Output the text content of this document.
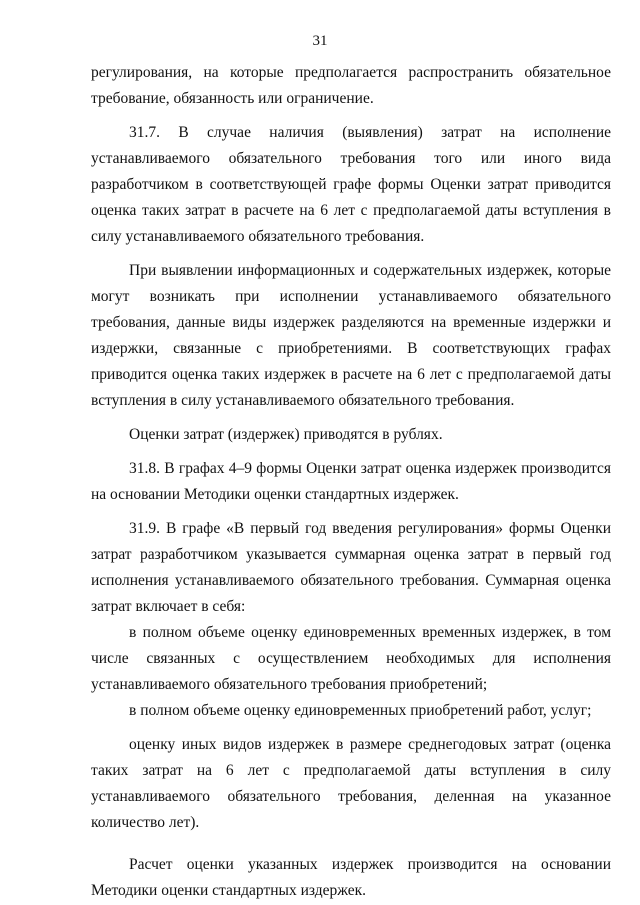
31

регулирования, на которые предполагается распространить обязательное требование, обязанность или ограничение.

31.7. В случае наличия (выявления) затрат на исполнение устанавливаемого обязательного требования того или иного вида разработчиком в соответствующей графе формы Оценки затрат приводится оценка таких затрат в расчете на 6 лет с предполагаемой даты вступления в силу устанавливаемого обязательного требования.

При выявлении информационных и содержательных издержек, которые могут возникать при исполнении устанавливаемого обязательного требования, данные виды издержек разделяются на временные издержки и издержки, связанные с приобретениями. В соответствующих графах приводится оценка таких издержек в расчете на 6 лет с предполагаемой даты вступления в силу устанавливаемого обязательного требования.

Оценки затрат (издержек) приводятся в рублях.

31.8. В графах 4–9 формы Оценки затрат оценка издержек производится на основании Методики оценки стандартных издержек.

31.9. В графе «В первый год введения регулирования» формы Оценки затрат разработчиком указывается суммарная оценка затрат в первый год исполнения устанавливаемого обязательного требования. Суммарная оценка затрат включает в себя:

в полном объеме оценку единовременных временных издержек, в том числе связанных с осуществлением необходимых для исполнения устанавливаемого обязательного требования приобретений;

в полном объеме оценку единовременных приобретений работ, услуг;

оценку иных видов издержек в размере среднегодовых затрат (оценка таких затрат на 6 лет с предполагаемой даты вступления в силу устанавливаемого обязательного требования, деленная на указанное количество лет).

Расчет оценки указанных издержек производится на основании Методики оценки стандартных издержек.
